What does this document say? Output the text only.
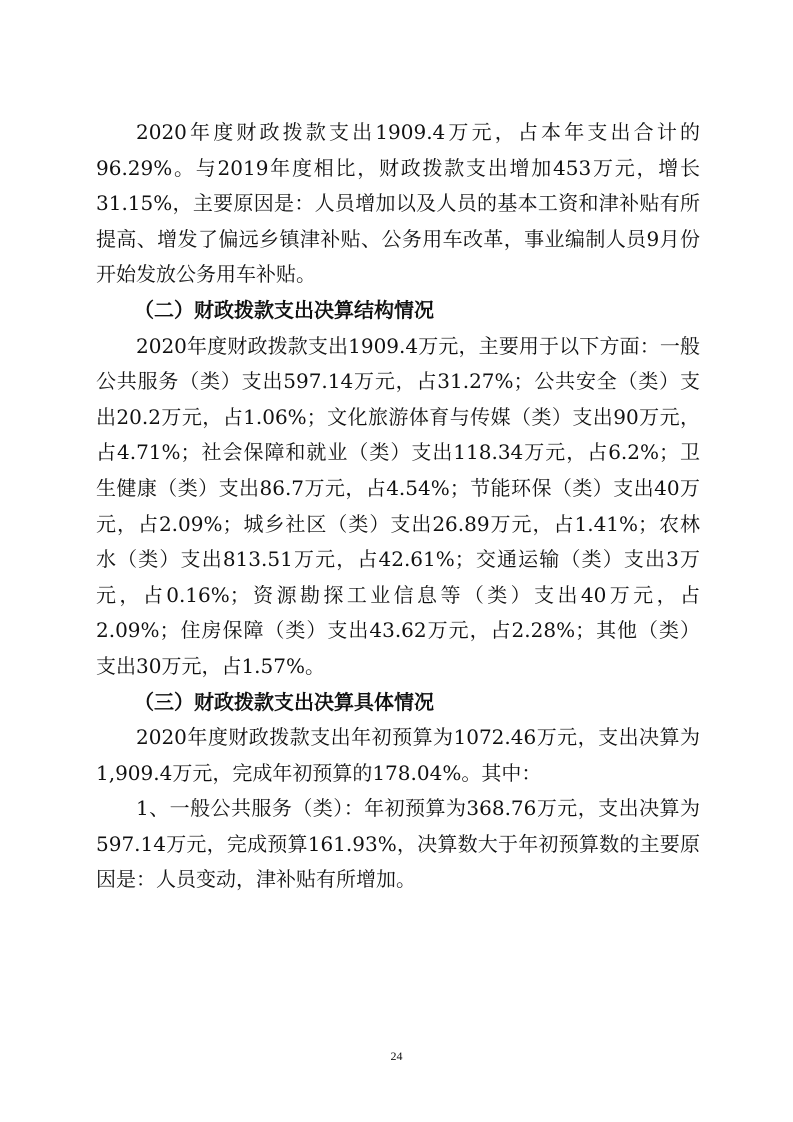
2020年度财政拨款支出1909.4万元，占本年支出合计的96.29%。与2019年度相比，财政拨款支出增加453万元，增长31.15%，主要原因是：人员增加以及人员的基本工资和津补贴有所提高、增发了偏远乡镇津补贴、公务用车改革，事业编制人员9月份开始发放公务用车补贴。

（二）财政拨款支出决算结构情况

2020年度财政拨款支出1909.4万元，主要用于以下方面：一般公共服务（类）支出597.14万元，占31.27%；公共安全（类）支出20.2万元，占1.06%；文化旅游体育与传媒（类）支出90万元，占4.71%；社会保障和就业（类）支出118.34万元，占6.2%；卫生健康（类）支出86.7万元，占4.54%；节能环保（类）支出40万元，占2.09%；城乡社区（类）支出26.89万元，占1.41%；农林水（类）支出813.51万元，占42.61%；交通运输（类）支出3万元，占0.16%；资源勘探工业信息等（类）支出40万元，占2.09%；住房保障（类）支出43.62万元，占2.28%；其他（类）支出30万元，占1.57%。

（三）财政拨款支出决算具体情况

2020年度财政拨款支出年初预算为1072.46万元，支出决算为1,909.4万元，完成年初预算的178.04%。其中：

1、一般公共服务（类）：年初预算为368.76万元，支出决算为597.14万元，完成预算161.93%，决算数大于年初预算数的主要原因是：人员变动，津补贴有所增加。

24
